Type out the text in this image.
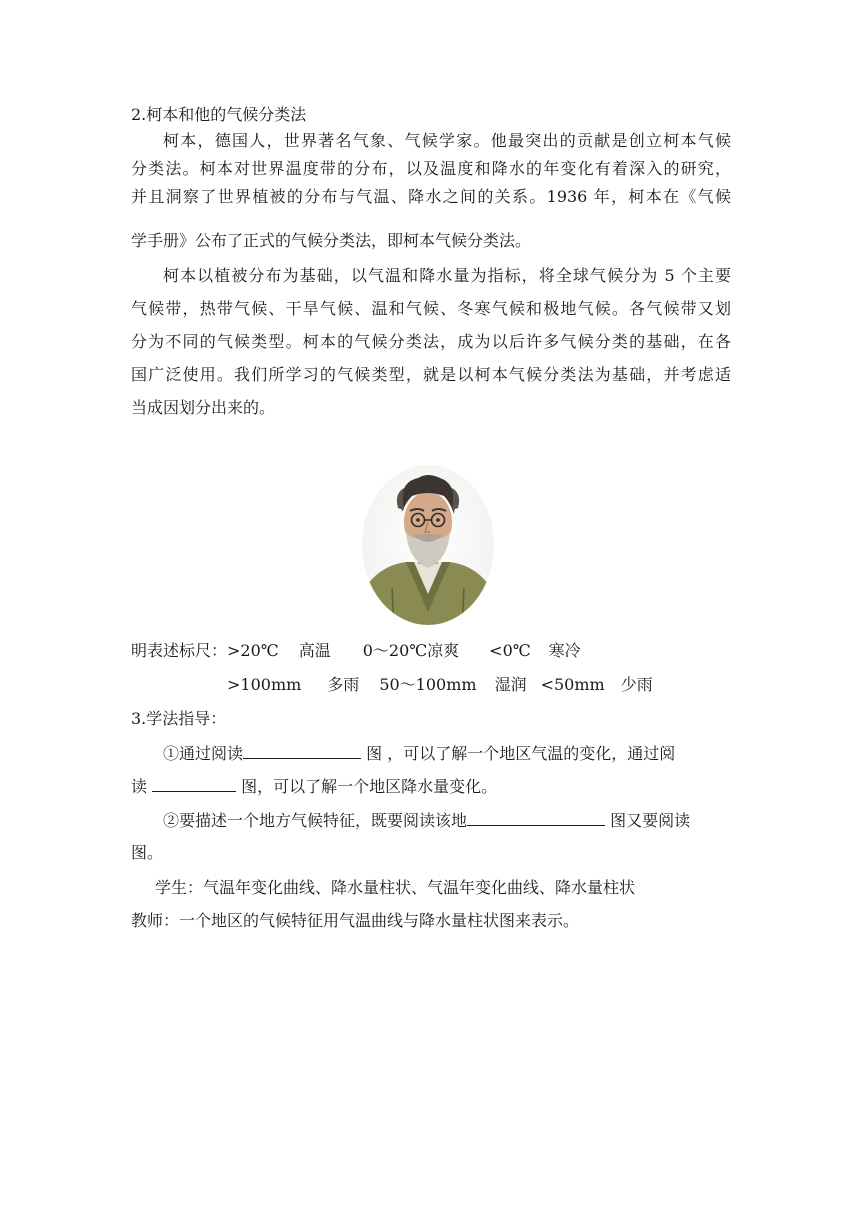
2.柯本和他的气候分类法
柯本，德国人，世界著名气象、气候学家。他最突出的贡献是创立柯本气候
分类法。柯本对世界温度带的分布，以及温度和降水的年变化有着深入的研究，
并且洞察了世界植被的分布与气温、降水之间的关系。1936 年，柯本在《气候
学手册》公布了正式的气候分类法，即柯本气候分类法。
柯本以植被分布为基础，以气温和降水量为指标，将全球气候分为 5 个主要
气候带，热带气候、干旱气候、温和气候、冬寒气候和极地气候。各气候带又划
分为不同的气候类型。柯本的气候分类法，成为以后许多气候分类的基础，在各
国广泛使用。我们所学习的气候类型，就是以柯本气候分类法为基础，并考虑适
当成因划分出来的。
明表述标尺：>20℃ 高温 0～20℃凉爽 <0℃ 寒冷
>100mm 多雨 50～100mm 湿润 <50mm 少雨
3.学法指导：
①通过阅读	图 ，可以了解一个地区气温的变化，通过阅
读	图，可以了解一个地区降水量变化。
②要描述一个地方气候特征，既要阅读该地	图又要阅读
图。
学生：气温年变化曲线、降水量柱状、气温年变化曲线、降水量柱状
教师：一个地区的气候特征用气温曲线与降水量柱状图来表示。
